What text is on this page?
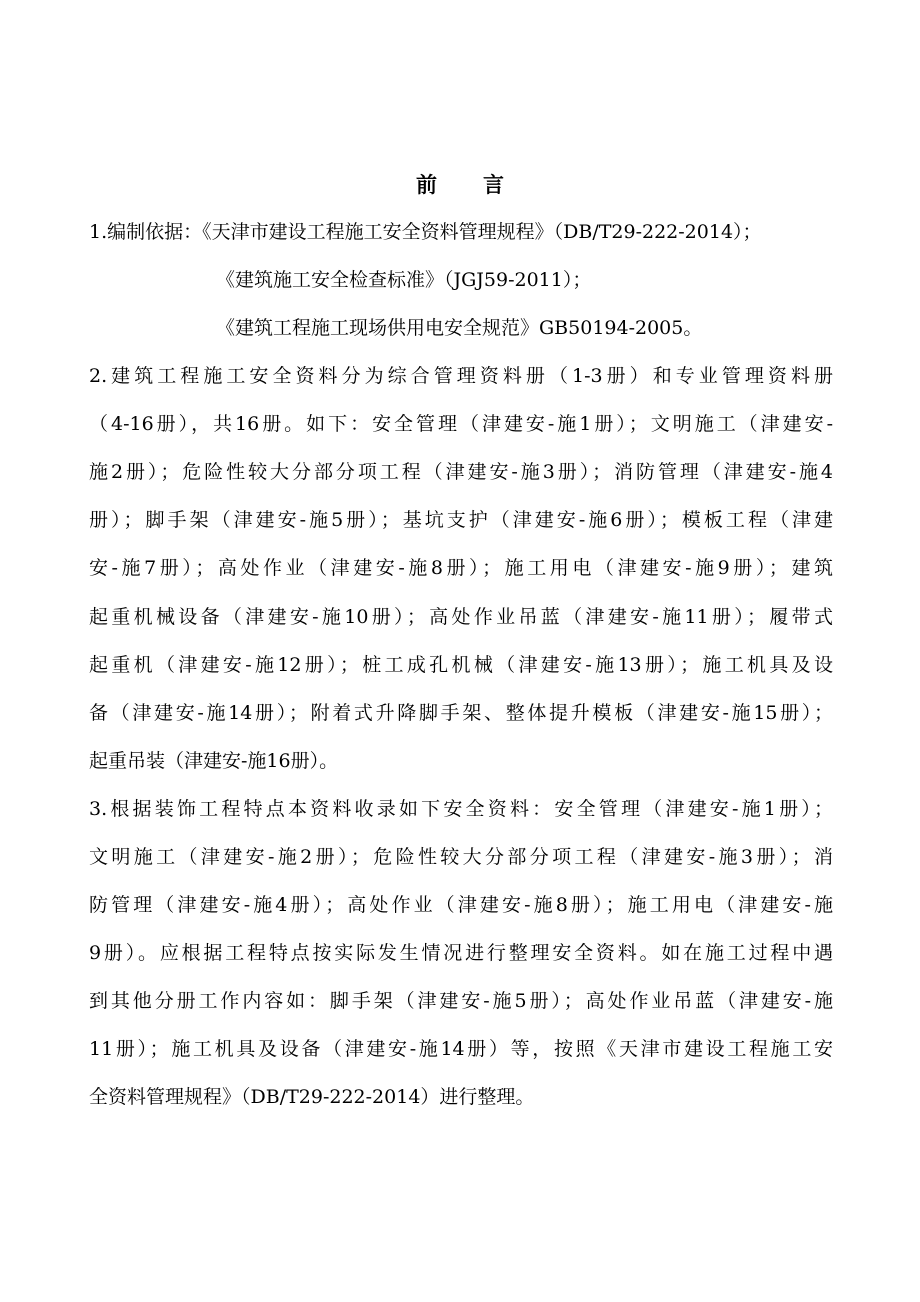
前言
1.编制依据：《天津市建设工程施工安全资料管理规程》（DB/T29-222-2014）；
《建筑施工安全检查标准》（JGJ59-2011）；
《建筑工程施工现场供用电安全规范》GB50194-2005。
2.建筑工程施工安全资料分为综合管理资料册（1-3册）和专业管理资料册
（4-16册），共16册。如下：安全管理（津建安-施1册）；文明施工（津建安-
施2册）；危险性较大分部分项工程（津建安-施3册）；消防管理（津建安-施4
册）；脚手架（津建安-施5册）；基坑支护（津建安-施6册）；模板工程（津建
安-施7册）；高处作业（津建安-施8册）；施工用电（津建安-施9册）；建筑
起重机械设备（津建安-施10册）；高处作业吊蓝（津建安-施11册）；履带式
起重机（津建安-施12册）；桩工成孔机械（津建安-施13册）；施工机具及设
备（津建安-施14册）；附着式升降脚手架、整体提升模板（津建安-施15册）；
起重吊装（津建安-施16册）。
3.根据装饰工程特点本资料收录如下安全资料：安全管理（津建安-施1册）；
文明施工（津建安-施2册）；危险性较大分部分项工程（津建安-施3册）；消
防管理（津建安-施4册）；高处作业（津建安-施8册）；施工用电（津建安-施
9册）。应根据工程特点按实际发生情况进行整理安全资料。如在施工过程中遇
到其他分册工作内容如：脚手架（津建安-施5册）；高处作业吊蓝（津建安-施
11册）；施工机具及设备（津建安-施14册）等，按照《天津市建设工程施工安
全资料管理规程》（DB/T29-222-2014）进行整理。
